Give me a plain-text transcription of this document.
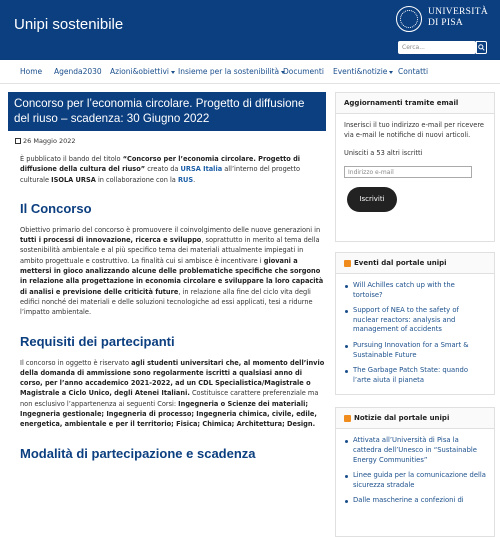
Unipi sostenibile
UNIVERSITÀ
DI PISA
Cerca...
Home Agenda2030 Azioni&obiettivi	Insieme per la sostenibilità Documenti Eventi&notizie	Contatti
Concorso per l’economia circolare. Progetto di diffusione del riuso – scadenza: 30 Giugno 2022
26 Maggio 2022

È pubblicato il bando del titolo “Concorso per l’economia circolare. Progetto di diffusione della cultura del riuso” creato da URSA Italia all’interno del progetto culturale ISOLA URSA in collaborazione con la RUS.

Il Concorso

Obiettivo primario del concorso è promuovere il coinvolgimento delle nuove generazioni in tutti i processi di innovazione, ricerca e sviluppo, soprattutto in merito al tema della sostenibilità ambientale e al più specifico tema dei materiali attualmente impiegati in ambito progettuale e costruttivo. La finalità cui si ambisce è incentivare i giovani a mettersi in gioco analizzando alcune delle problematiche specifiche che sorgono in relazione alla progettazione in economia circolare e sviluppare la loro capacità di analisi e previsione delle criticità future, in relazione alla fine del ciclo vita degli edifici nonché dei materiali e delle soluzioni tecnologiche ad essi applicati, tesi a ridurne l’impatto ambientale.

Requisiti dei partecipanti

Il concorso in oggetto è riservato agli studenti universitari che, al momento dell’invio della domanda di ammissione sono regolarmente iscritti a qualsiasi anno di corso, per l’anno accademico 2021-2022, ad un CDL Specialistica/Magistrale o Magistrale a Ciclo Unico, degli Atenei Italiani. Costituisce carattere preferenziale ma non esclusivo l’appartenenza ai seguenti Corsi: Ingegneria o Scienze dei materiali; Ingegneria gestionale; Ingegneria di processo; Ingegneria chimica, civile, edile, energetica, ambientale e per il territorio; Fisica; Chimica; Architettura; Design.

Modalità di partecipazione e scadenza
Aggiornamenti tramite email

Inserisci il tuo indirizzo e-mail per ricevere via e-mail le notifiche di nuovi articoli.

Unisciti a 53 altri iscritti

Indirizzo e-mail
Iscriviti
Eventi dal portale unipi
Will Achilles catch up with the tortoise?
Support of NEA to the safety of nuclear reactors: analysis and management of accidents
Pursuing Innovation for a Smart & Sustainable Future
The Garbage Patch State: quando l’arte aiuta il pianeta
Notizie dal portale unipi
Attivata all’Università di Pisa la cattedra dell’Unesco in “Sustainable Energy Communities”
Linee guida per la comunicazione della sicurezza stradale
Dalle mascherine a confezioni di
